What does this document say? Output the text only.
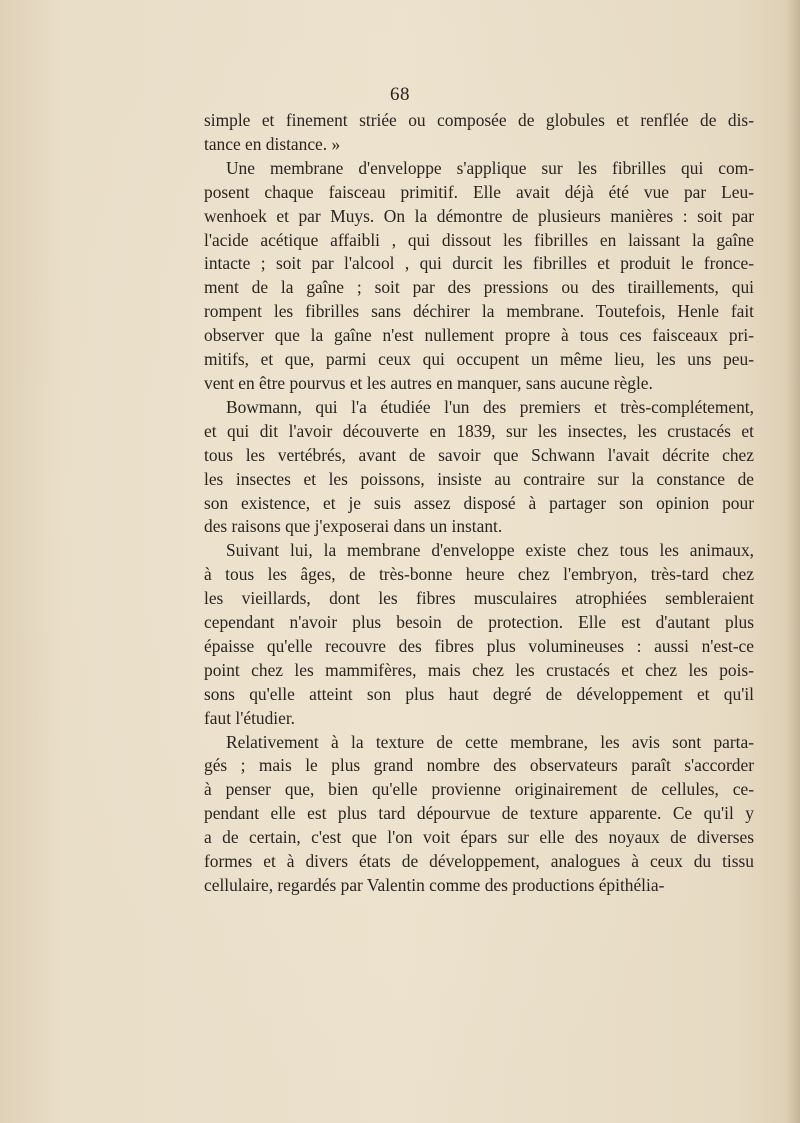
68
simple et finement striée ou composée de globules et renflée de dis-
tance en distance. »
Une membrane d'enveloppe s'applique sur les fibrilles qui com-
posent chaque faisceau primitif. Elle avait déjà été vue par Leu-
wenhoek et par Muys. On la démontre de plusieurs manières : soit par
l'acide acétique affaibli , qui dissout les fibrilles en laissant la gaîne
intacte ; soit par l'alcool , qui durcit les fibrilles et produit le fronce-
ment de la gaîne ; soit par des pressions ou des tiraillements, qui
rompent les fibrilles sans déchirer la membrane. Toutefois, Henle fait
observer que la gaîne n'est nullement propre à tous ces faisceaux pri-
mitifs, et que, parmi ceux qui occupent un même lieu, les uns peu-
vent en être pourvus et les autres en manquer, sans aucune règle.
Bowmann, qui l'a étudiée l'un des premiers et très-complétement,
et qui dit l'avoir découverte en 1839, sur les insectes, les crustacés et
tous les vertébrés, avant de savoir que Schwann l'avait décrite chez
les insectes et les poissons, insiste au contraire sur la constance de
son existence, et je suis assez disposé à partager son opinion pour
des raisons que j'exposerai dans un instant.
Suivant lui, la membrane d'enveloppe existe chez tous les animaux,
à tous les âges, de très-bonne heure chez l'embryon, très-tard chez
les vieillards, dont les fibres musculaires atrophiées sembleraient
cependant n'avoir plus besoin de protection. Elle est d'autant plus
épaisse qu'elle recouvre des fibres plus volumineuses : aussi n'est-ce
point chez les mammifères, mais chez les crustacés et chez les pois-
sons qu'elle atteint son plus haut degré de développement et qu'il
faut l'étudier.
Relativement à la texture de cette membrane, les avis sont parta-
gés ; mais le plus grand nombre des observateurs paraît s'accorder
à penser que, bien qu'elle provienne originairement de cellules, ce-
pendant elle est plus tard dépourvue de texture apparente. Ce qu'il y
a de certain, c'est que l'on voit épars sur elle des noyaux de diverses
formes et à divers états de développement, analogues à ceux du tissu
cellulaire, regardés par Valentin comme des productions épithélia-
